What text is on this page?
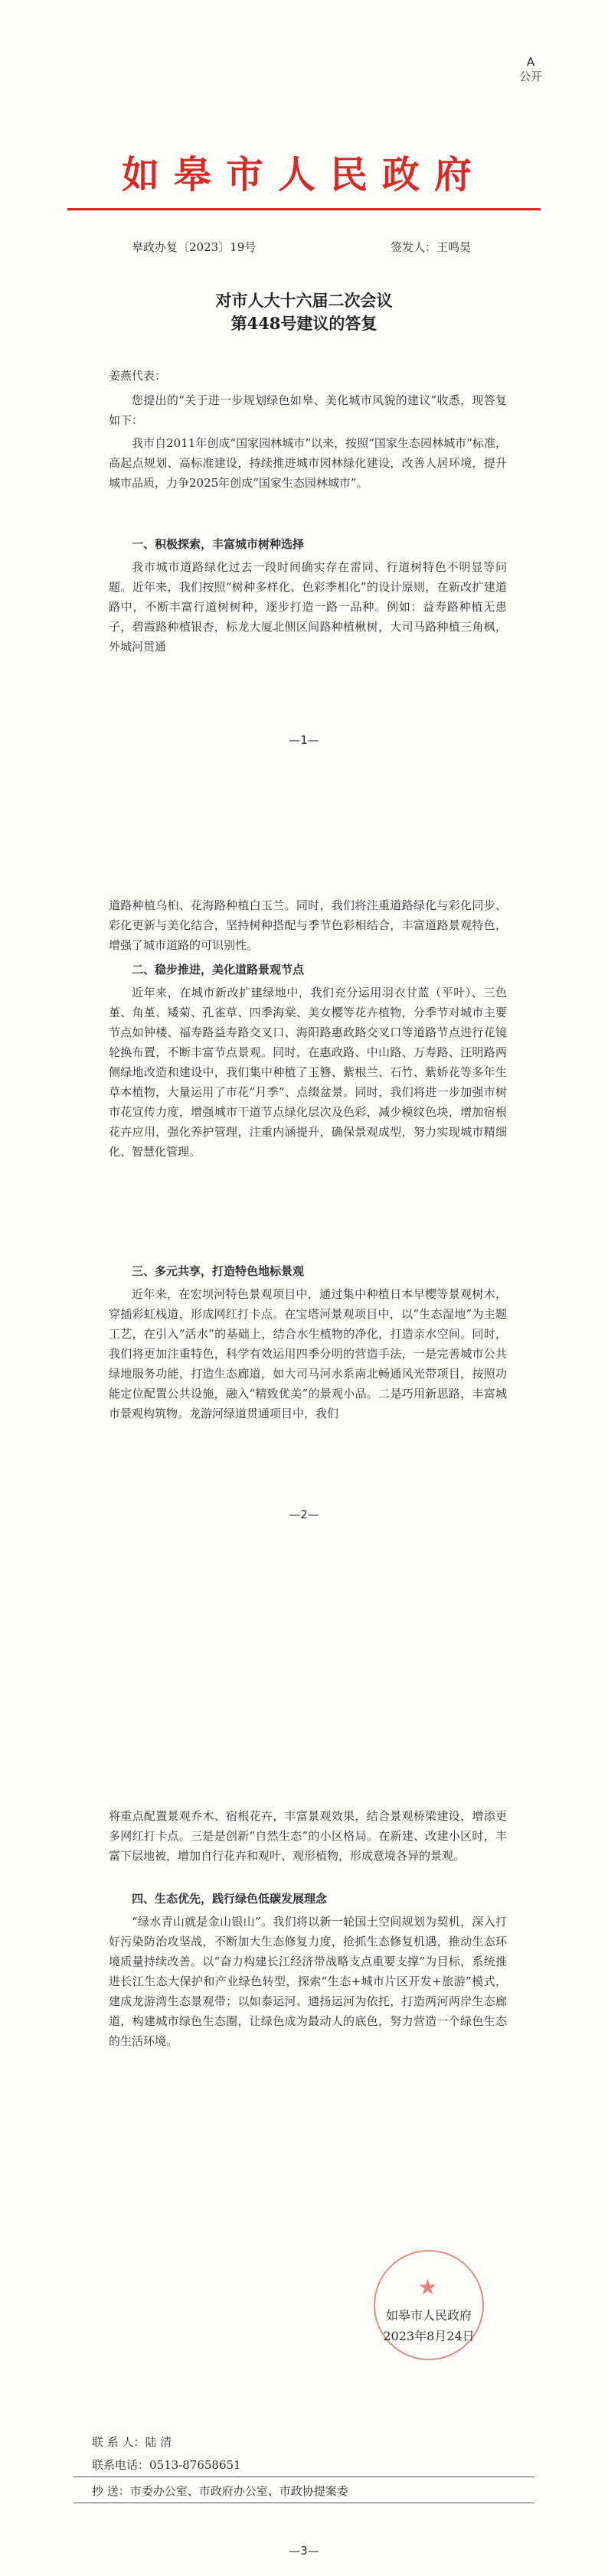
A
公开
如皋市人民政府
皋政办复〔2023〕19号	签发人：王鸣昊
对市人大十六届二次会议
第448号建议的答复
姜燕代表：
您提出的“关于进一步规划绿色如皋、美化城市风貌的建议”收悉，现答复如下：
我市自2011年创成“国家园林城市”以来，按照“国家生态园林城市”标准，高起点规划、高标准建设，持续推进城市园林绿化建设，改善人居环境，提升城市品质，力争2025年创成“国家生态园林城市”。
一、积极探索，丰富城市树种选择
我市城市道路绿化过去一段时间确实存在雷同、行道树特色不明显等问题。近年来，我们按照“树种多样化、色彩季相化”的设计原则，在新改扩建道路中，不断丰富行道树树种，逐步打造一路一品种。例如：益寿路种植无患子，碧霞路种植银杏，标龙大厦北侧区间路种植楸树，大司马路种植三角枫，外城河贯通
—1—
道路种植乌桕、花海路种植白玉兰。同时，我们将注重道路绿化与彩化同步、彩化更新与美化结合，坚持树种搭配与季节色彩相结合，丰富道路景观特色，增强了城市道路的可识别性。
二、稳步推进，美化道路景观节点
近年来，在城市新改扩建绿地中，我们充分运用羽衣甘蓝（平叶）、三色堇、角堇、矮菊、孔雀草、四季海棠、美女樱等花卉植物，分季节对城市主要节点如钟楼、福寿路益寿路交叉口、海阳路惠政路交叉口等道路节点进行花镜轮换布置，不断丰富节点景观。同时，在惠政路、中山路、万寿路、汪明路两侧绿地改造和建设中，我们集中种植了玉簪、紫根兰、石竹、紫娇花等多年生草本植物，大量运用了市花“月季”、点缀盆景。同时，我们将进一步加强市树市花宣传力度，增强城市干道节点绿化层次及色彩，减少模纹色块，增加宿根花卉应用，强化养护管理，注重内涵提升，确保景观成型，努力实现城市精细化、智慧化管理。
三、多元共享，打造特色地标景观
近年来，在宏坝河特色景观项目中，通过集中种植日本早樱等景观树木，穿插彩虹栈道，形成网红打卡点。在宝塔河景观项目中，以“生态湿地”为主题工艺，在引入“活水”的基础上，结合水生植物的净化，打造亲水空间。同时，我们将更加注重特色，科学有效运用四季分明的营造手法，一是完善城市公共绿地服务功能，打造生态廊道，如大司马河水系南北畅通风光带项目，按照功能定位配置公共设施，融入“精致优美”的景观小品。二是巧用新思路，丰富城市景观构筑物。龙游河绿道贯通项目中，我们
—2—
将重点配置景观乔木、宿根花卉，丰富景观效果，结合景观桥梁建设，增添更多网红打卡点。三是是创新“自然生态”的小区格局。在新建、改建小区时，丰富下层地被，增加自行花卉和观叶、观形植物，形成意境各异的景观。
四、生态优先，践行绿色低碳发展理念
“绿水青山就是金山银山”。我们将以新一轮国土空间规划为契机，深入打好污染防治攻坚战，不断加大生态修复力度，抢抓生态修复机遇，推动生态环境质量持续改善。以“奋力构建长江经济带战略支点重要支撑”为目标，系统推进长江生态大保护和产业绿色转型，探索“生态+城市片区开发+旅游”模式，建成龙游湾生态景观带；以如泰运河、通扬运河为依托，打造两河两岸生态廊道，构建城市绿色生态圈，让绿色成为最动人的底色，努力营造一个绿色生态的生活环境。
—3—
★
如皋市人民政府
2023年8月24日
联 系 人：陆 清
联系电话：0513-87658651
抄 送：市委办公室、市政府办公室、市政协提案委
